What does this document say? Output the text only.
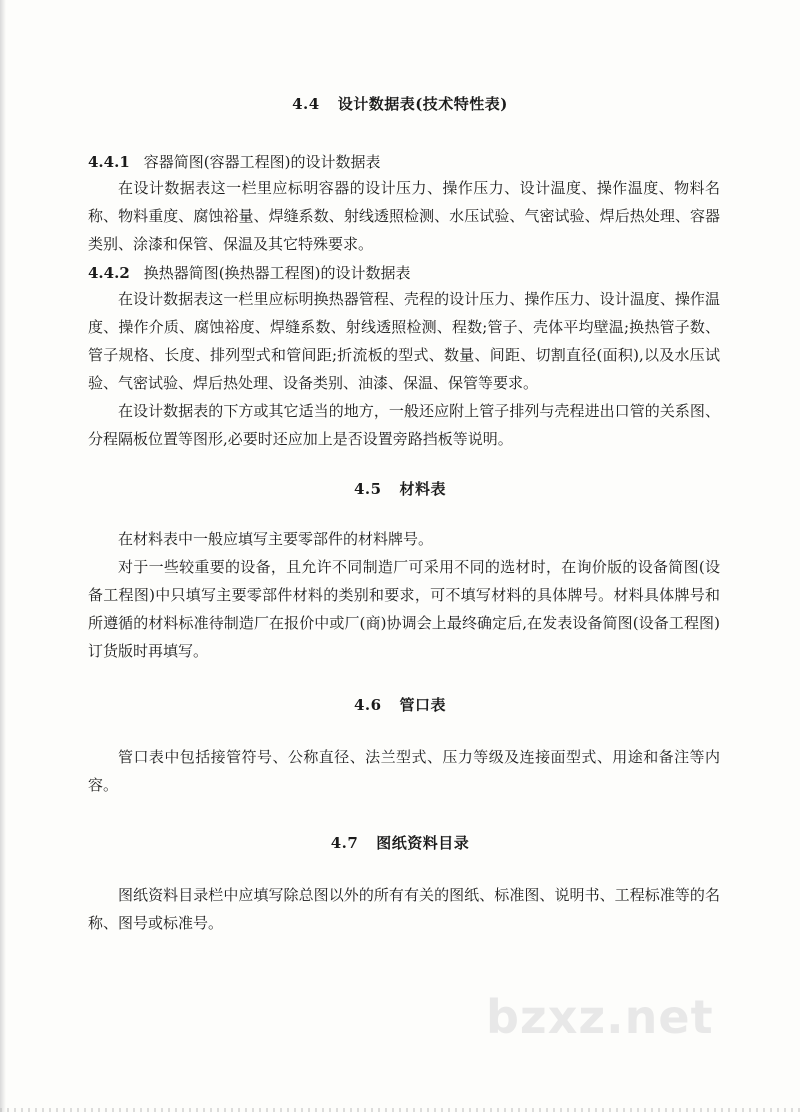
4.4 设计数据表(技术特性表)
4.4.1 容器简图(容器工程图)的设计数据表

在设计数据表这一栏里应标明容器的设计压力、操作压力、设计温度、操作温度、物料名称、物料重度、腐蚀裕量、焊缝系数、射线透照检测、水压试验、气密试验、焊后热处理、容器类别、涂漆和保管、保温及其它特殊要求。

4.4.2 换热器简图(换热器工程图)的设计数据表

在设计数据表这一栏里应标明换热器管程、壳程的设计压力、操作压力、设计温度、操作温度、操作介质、腐蚀裕度、焊缝系数、射线透照检测、程数;管子、壳体平均壁温;换热管子数、管子规格、长度、排列型式和管间距;折流板的型式、数量、间距、切割直径(面积),以及水压试验、气密试验、焊后热处理、设备类别、油漆、保温、保管等要求。

在设计数据表的下方或其它适当的地方，一般还应附上管子排列与壳程进出口管的关系图、分程隔板位置等图形,必要时还应加上是否设置旁路挡板等说明。

4.5 材料表

在材料表中一般应填写主要零部件的材料牌号。

对于一些较重要的设备，且允许不同制造厂可采用不同的选材时，在询价版的设备简图(设备工程图)中只填写主要零部件材料的类别和要求，可不填写材料的具体牌号。材料具体牌号和所遵循的材料标准待制造厂在报价中或厂(商)协调会上最终确定后,在发表设备简图(设备工程图)订货版时再填写。

4.6 管口表

管口表中包括接管符号、公称直径、法兰型式、压力等级及连接面型式、用途和备注等内容。

4.7 图纸资料目录

图纸资料目录栏中应填写除总图以外的所有有关的图纸、标准图、说明书、工程标准等的名称、图号或标准号。

bzxz.net
